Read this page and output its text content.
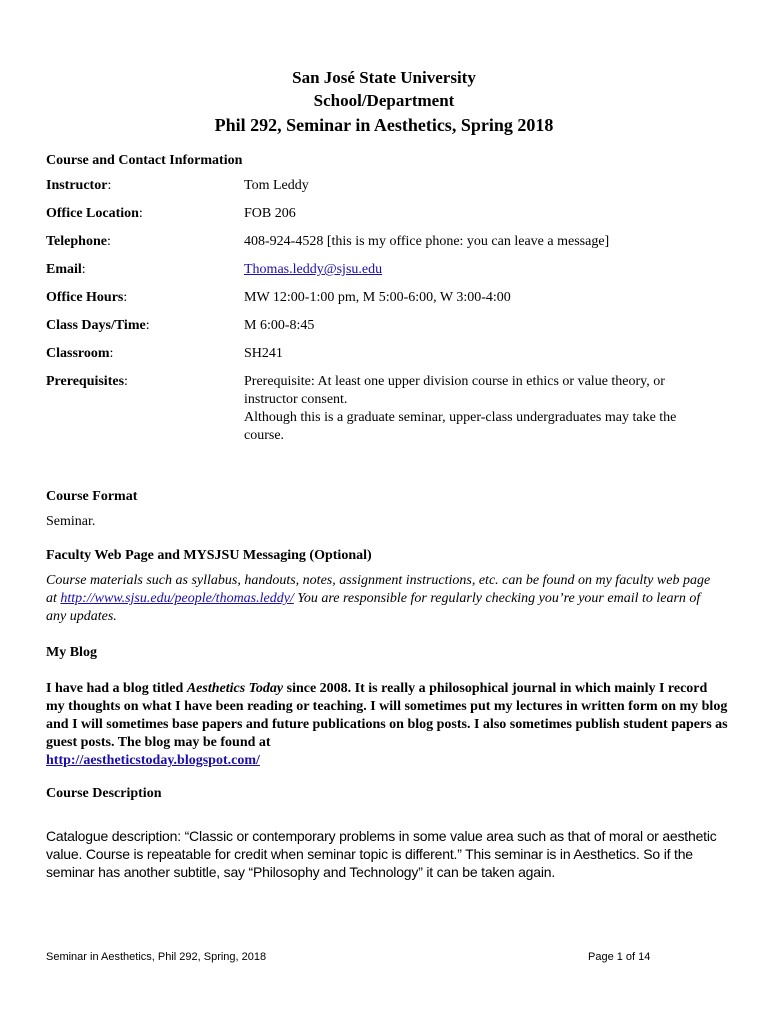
San José State University
School/Department
Phil 292, Seminar in Aesthetics, Spring 2018
Course and Contact Information
Instructor:	Tom Leddy
Office Location:	FOB 206
Telephone:	408-924-4528 [this is my office phone: you can leave a message]
Email:	Thomas.leddy@sjsu.edu
Office Hours:	MW 12:00-1:00 pm, M 5:00-6:00, W 3:00-4:00
Class Days/Time:	M 6:00-8:45
Classroom:	SH241
Prerequisites:	Prerequisite: At least one upper division course in ethics or value theory, or instructor consent.
Although this is a graduate seminar, upper-class undergraduates may take the course.
Course Format
Seminar.
Faculty Web Page and MYSJSU Messaging (Optional)
Course materials such as syllabus, handouts, notes, assignment instructions, etc. can be found on my faculty web page at http://www.sjsu.edu/people/thomas.leddy/ You are responsible for regularly checking you’re your email to learn of any updates.
My Blog
I have had a blog titled Aesthetics Today since 2008. It is really a philosophical journal in which mainly I record my thoughts on what I have been reading or teaching. I will sometimes put my lectures in written form on my blog and I will sometimes base papers and future publications on blog posts. I also sometimes publish student papers as guest posts. The blog may be found at
http://aestheticstoday.blogspot.com/
Course Description
Catalogue description: “Classic or contemporary problems in some value area such as that of moral or aesthetic value. Course is repeatable for credit when seminar topic is different.” This seminar is in Aesthetics. So if the seminar has another subtitle, say “Philosophy and Technology” it can be taken again.
Seminar in Aesthetics, Phil 292, Spring, 2018	Page 1 of 14
